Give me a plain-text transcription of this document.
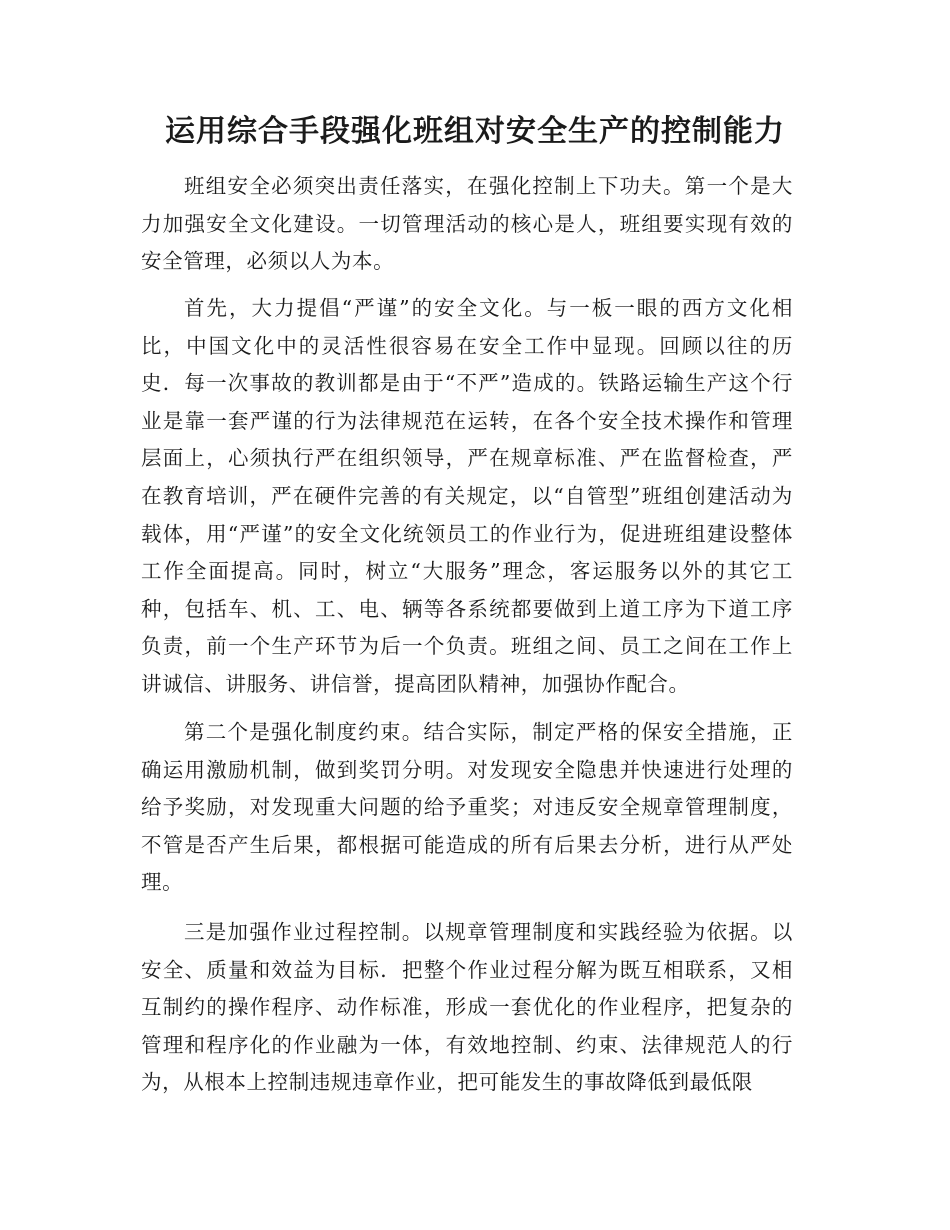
运用综合手段强化班组对安全生产的控制能力

班组安全必须突出责任落实，在强化控制上下功夫。第一个是大力加强安全文化建设。一切管理活动的核心是人，班组要实现有效的安全管理，必须以人为本。

首先，大力提倡“严谨”的安全文化。与一板一眼的西方文化相比，中国文化中的灵活性很容易在安全工作中显现。回顾以往的历史．每一次事故的教训都是由于“不严”造成的。铁路运输生产这个行业是靠一套严谨的行为法律规范在运转，在各个安全技术操作和管理层面上，心须执行严在组织领导，严在规章标准、严在监督检查，严在教育培训，严在硬件完善的有关规定，以“自管型”班组创建活动为载体，用“严谨”的安全文化统领员工的作业行为，促进班组建设整体工作全面提高。同时，树立“大服务”理念，客运服务以外的其它工种，包括车、机、工、电、辆等各系统都要做到上道工序为下道工序负责，前一个生产环节为后一个负责。班组之间、员工之间在工作上讲诚信、讲服务、讲信誉，提高团队精神，加强协作配合。

第二个是强化制度约束。结合实际，制定严格的保安全措施，正确运用激励机制，做到奖罚分明。对发现安全隐患并快速进行处理的给予奖励，对发现重大问题的给予重奖；对违反安全规章管理制度，不管是否产生后果，都根据可能造成的所有后果去分析，进行从严处理。

三是加强作业过程控制。以规章管理制度和实践经验为依据。以安全、质量和效益为目标．把整个作业过程分解为既互相联系，又相互制约的操作程序、动作标准，形成一套优化的作业程序，把复杂的管理和程序化的作业融为一体，有效地控制、约束、法律规范人的行为，从根本上控制违规违章作业，把可能发生的事故降低到最低限
